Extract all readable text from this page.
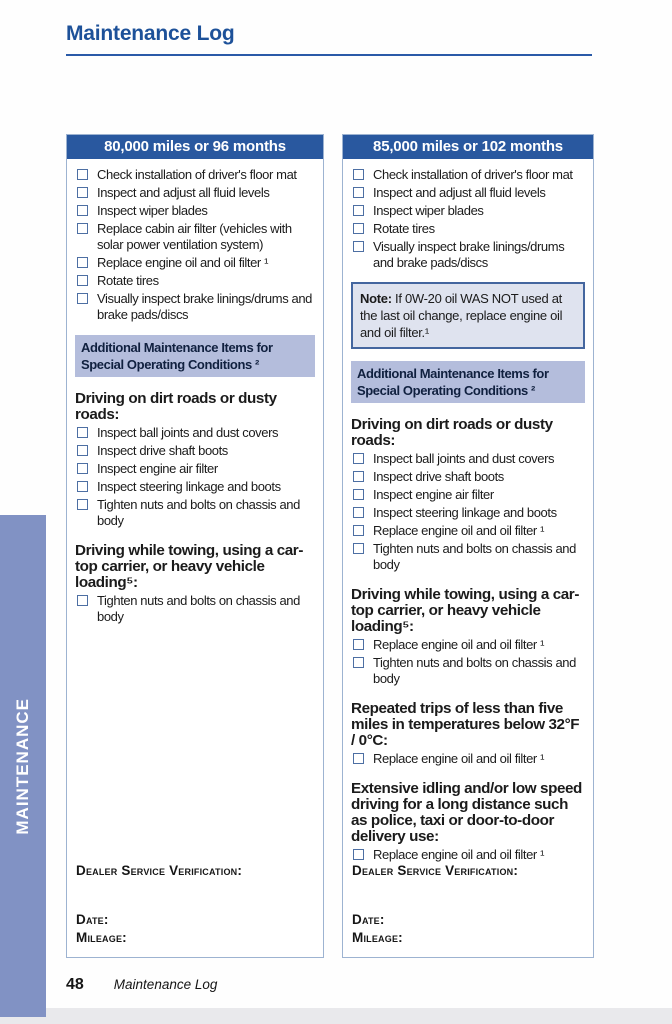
Maintenance Log
80,000 miles or 96 months
Check installation of driver's floor mat
Inspect and adjust all fluid levels
Inspect wiper blades
Replace cabin air filter (vehicles with solar power ventilation system)
Replace engine oil and oil filter ¹
Rotate tires
Visually inspect brake linings/drums and brake pads/discs
Additional Maintenance Items for Special Operating Conditions ²
Driving on dirt roads or dusty roads:
Inspect ball joints and dust covers
Inspect drive shaft boots
Inspect engine air filter
Inspect steering linkage and boots
Tighten nuts and bolts on chassis and body
Driving while towing, using a car-top carrier, or heavy vehicle loading⁵:
Tighten nuts and bolts on chassis and body
Dealer Service Verification:
Date:
Mileage:
85,000 miles or 102 months
Check installation of driver's floor mat
Inspect and adjust all fluid levels
Inspect wiper blades
Rotate tires
Visually inspect brake linings/drums and brake pads/discs
Note: If 0W-20 oil WAS NOT used at the last oil change, replace engine oil and oil filter.¹
Additional Maintenance Items for Special Operating Conditions ²
Driving on dirt roads or dusty roads:
Inspect ball joints and dust covers
Inspect drive shaft boots
Inspect engine air filter
Inspect steering linkage and boots
Replace engine oil and oil filter ¹
Tighten nuts and bolts on chassis and body
Driving while towing, using a car-top carrier, or heavy vehicle loading⁵:
Replace engine oil and oil filter ¹
Tighten nuts and bolts on chassis and body
Repeated trips of less than five miles in temperatures below 32°F / 0°C:
Replace engine oil and oil filter ¹
Extensive idling and/or low speed driving for a long distance such as police, taxi or door-to-door delivery use:
Replace engine oil and oil filter ¹
Dealer Service Verification:
Date:
Mileage:
MAINTENANCE
48 Maintenance Log
